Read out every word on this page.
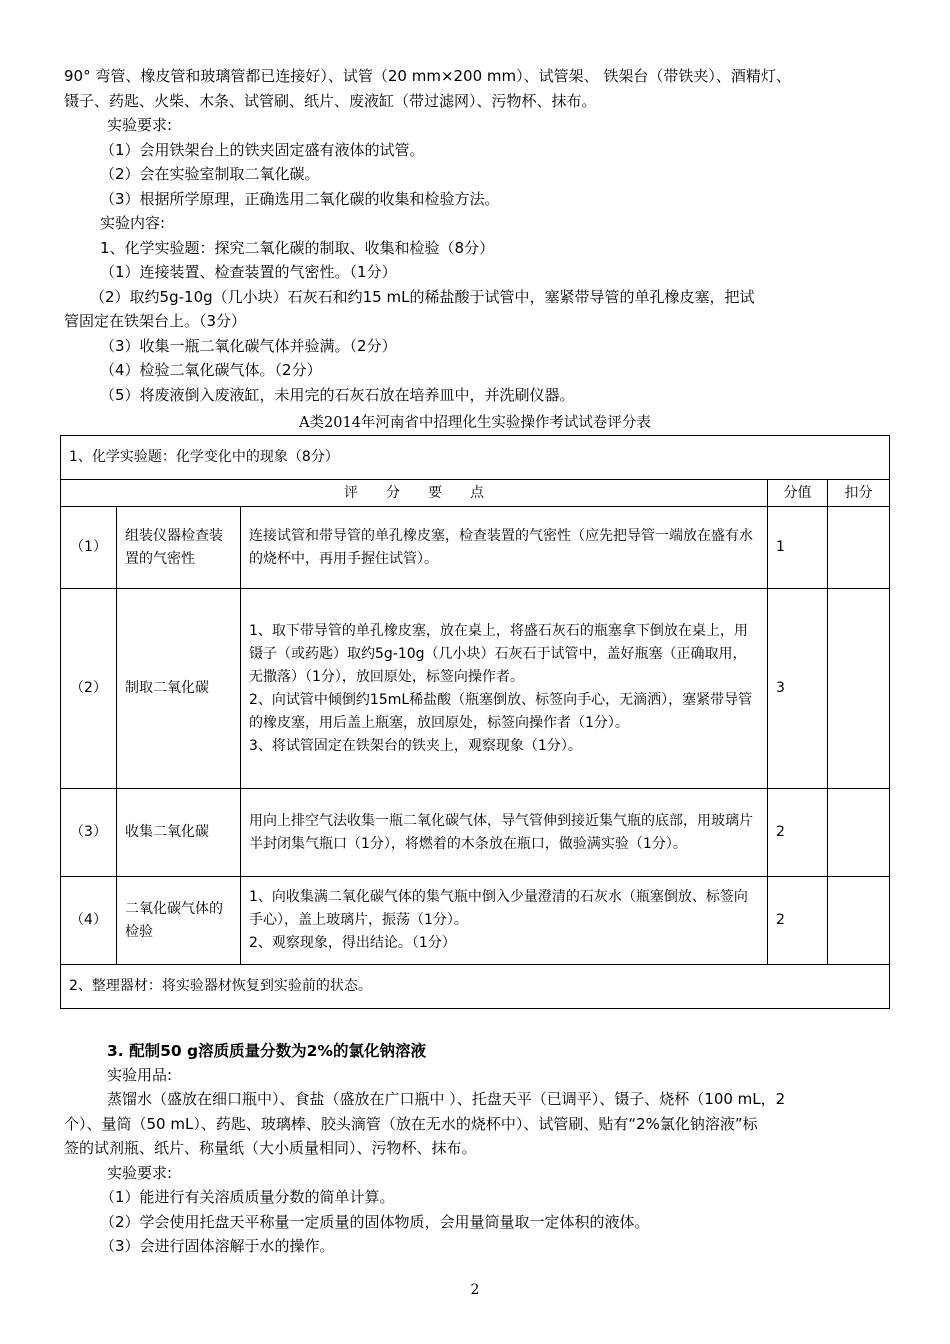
90° 弯管、橡皮管和玻璃管都已连接好）、试管（20 mm×200 mm）、试管架、 铁架台（带铁夹）、酒精灯、

镊子、药匙、火柴、木条、试管刷、纸片、废液缸（带过滤网）、污物杯、抹布。

实验要求:

（1）会用铁架台上的铁夹固定盛有液体的试管。

（2）会在实验室制取二氧化碳。

（3）根据所学原理，正确选用二氧化碳的收集和检验方法。

实验内容:

1、化学实验题：探究二氧化碳的制取、收集和检验（8分）

（1）连接装置、检查装置的气密性。（1分）

（2）取约5g-10g（几小块）石灰石和约15 mL的稀盐酸于试管中，塞紧带导管的单孔橡皮塞，把试

管固定在铁架台上。（3分）

（3）收集一瓶二氧化碳气体并验满。（2分）

（4）检验二氧化碳气体。（2分）

（5）将废液倒入废液缸，未用完的石灰石放在培养皿中，并洗刷仪器。

A类2014年河南省中招理化生实验操作考试试卷评分表
1、化学实验题：化学变化中的现象（8分）				
评　　分　　要　　点			分值	扣分
（1）	组装仪器检查装置的气密性	连接试管和带导管的单孔橡皮塞，检查装置的气密性（应先把导管一端放在盛有水的烧杯中，再用手握住试管）。	1	
（2）	制取二氧化碳	1、取下带导管的单孔橡皮塞，放在桌上，将盛石灰石的瓶塞拿下倒放在桌上，用镊子（或药匙）取约5g-10g（几小块）石灰石于试管中，盖好瓶塞（正确取用，无撒落）（1分），放回原处，标签向操作者。
2、向试管中倾倒约15mL稀盐酸（瓶塞倒放、标签向手心，无滴洒），塞紧带导管的橡皮塞，用后盖上瓶塞，放回原处，标签向操作者（1分）。
3、将试管固定在铁架台的铁夹上，观察现象（1分）。	3	
（3）	收集二氧化碳	用向上排空气法收集一瓶二氧化碳气体，导气管伸到接近集气瓶的底部，用玻璃片半封闭集气瓶口（1分），将燃着的木条放在瓶口，做验满实验（1分）。	2	
（4）	二氧化碳气体的检验	1、向收集满二氧化碳气体的集气瓶中倒入少量澄清的石灰水（瓶塞倒放、标签向手心），盖上玻璃片，振荡（1分）。
2、观察现象，得出结论。（1分）	2	
2、整理器材：将实验器材恢复到实验前的状态。				
3. 配制50 g溶质质量分数为2%的氯化钠溶液

实验用品:

蒸馏水（盛放在细口瓶中）、食盐（盛放在广口瓶中 ）、托盘天平（已调平）、镊子、烧杯（100 mL，2

个）、量筒（50 mL）、药匙、玻璃棒、胶头滴管（放在无水的烧杯中）、试管刷、贴有“2%氯化钠溶液”标

签的试剂瓶、纸片、称量纸（大小质量相同）、污物杯、抹布。

实验要求:

（1）能进行有关溶质质量分数的简单计算。

（2）学会使用托盘天平称量一定质量的固体物质，会用量筒量取一定体积的液体。

（3）会进行固体溶解于水的操作。

2
